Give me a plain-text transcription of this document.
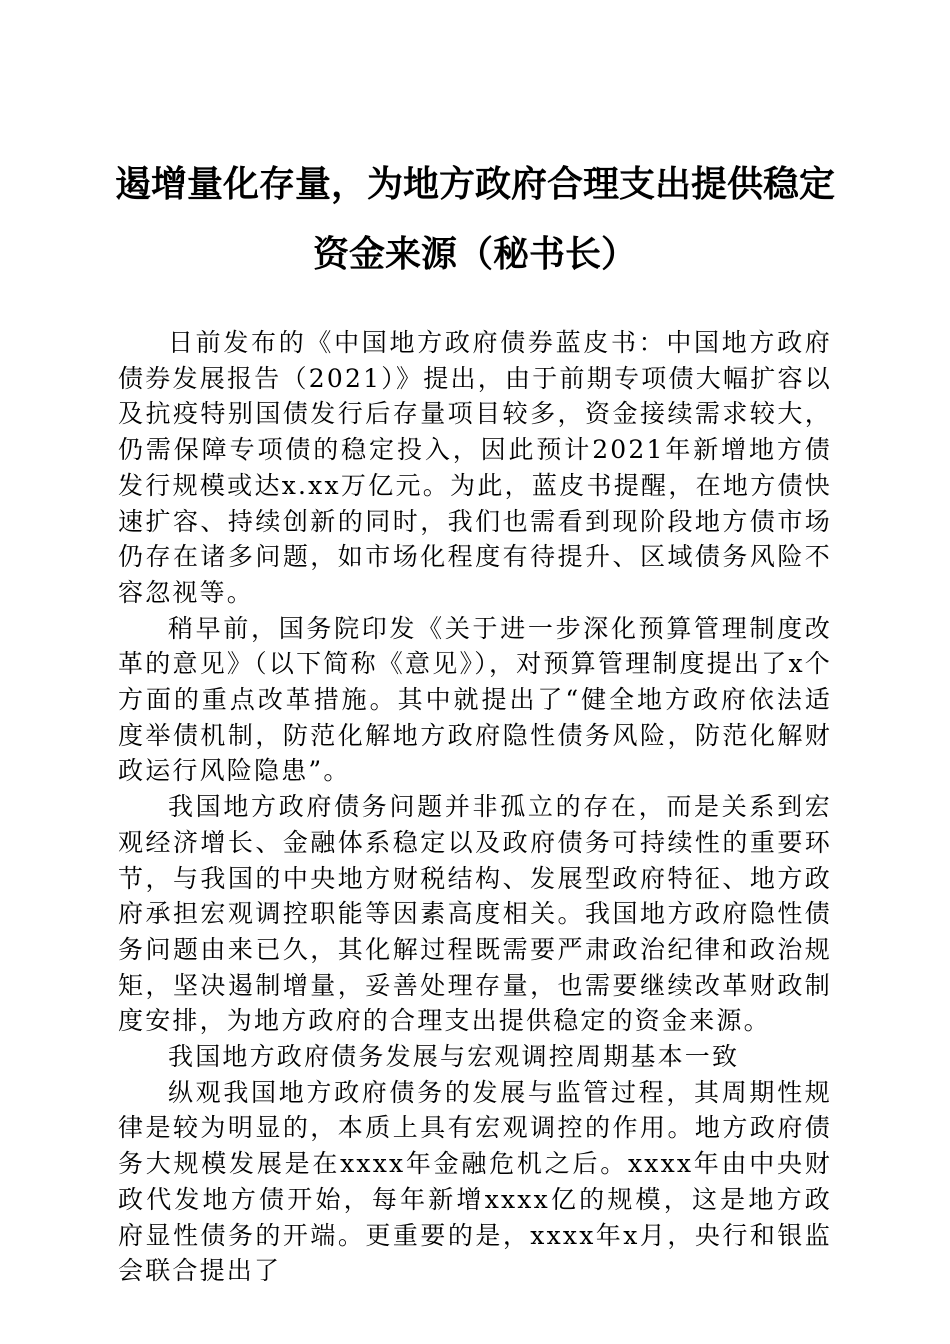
遏增量化存量，为地方政府合理支出提供稳定
资金来源（秘书长）

日前发布的《中国地方政府债券蓝皮书：中国地方政府债券发展报告（2021）》提出，由于前期专项债大幅扩容以及抗疫特别国债发行后存量项目较多，资金接续需求较大，仍需保障专项债的稳定投入，因此预计2021年新增地方债发行规模或达x.xx万亿元。为此，蓝皮书提醒，在地方债快速扩容、持续创新的同时，我们也需看到现阶段地方债市场仍存在诸多问题，如市场化程度有待提升、区域债务风险不容忽视等。

稍早前，国务院印发《关于进一步深化预算管理制度改革的意见》（以下简称《意见》），对预算管理制度提出了x个方面的重点改革措施。其中就提出了“健全地方政府依法适度举债机制，防范化解地方政府隐性债务风险，防范化解财政运行风险隐患”。

我国地方政府债务问题并非孤立的存在，而是关系到宏观经济增长、金融体系稳定以及政府债务可持续性的重要环节，与我国的中央地方财税结构、发展型政府特征、地方政府承担宏观调控职能等因素高度相关。我国地方政府隐性债务问题由来已久，其化解过程既需要严肃政治纪律和政治规矩，坚决遏制增量，妥善处理存量，也需要继续改革财政制度安排，为地方政府的合理支出提供稳定的资金来源。

我国地方政府债务发展与宏观调控周期基本一致

纵观我国地方政府债务的发展与监管过程，其周期性规律是较为明显的，本质上具有宏观调控的作用。地方政府债务大规模发展是在xxxx年金融危机之后。xxxx年由中央财政代发地方债开始，每年新增xxxx亿的规模，这是地方政府显性债务的开端。更重要的是，xxxx年x月，央行和银监会联合提出了
